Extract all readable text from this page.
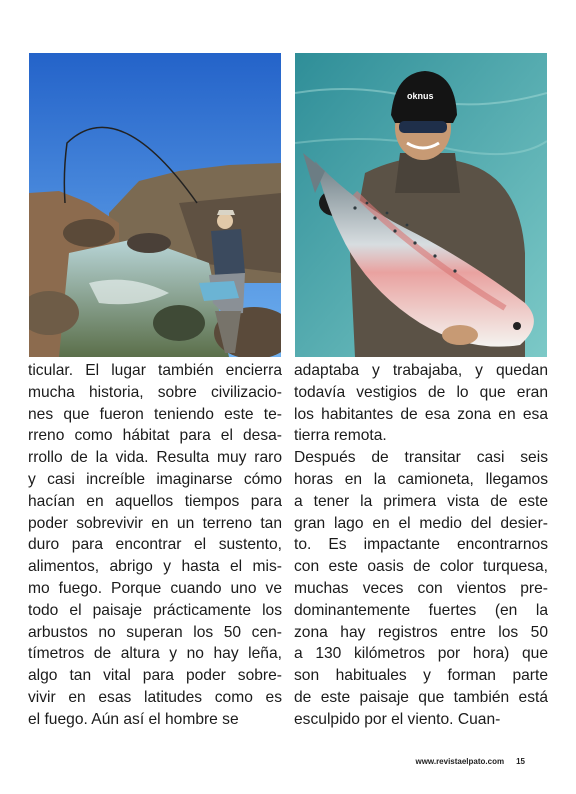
oknus
ticular. El lugar también encierra
mucha historia, sobre civilizacio-
nes que fueron teniendo este te-
rreno como hábitat para el desa-
rrollo de la vida. Resulta muy raro
y casi increíble imaginarse cómo
hacían en aquellos tiempos para
poder sobrevivir en un terreno tan
duro para encontrar el sustento,
alimentos, abrigo y hasta el mis-
mo fuego. Porque cuando uno ve
todo el paisaje prácticamente los
arbustos no superan los 50 cen-
tímetros de altura y no hay leña,
algo tan vital para poder sobre-
vivir en esas latitudes como es
el fuego. Aún así el hombre se
adaptaba y trabajaba, y quedan
todavía vestigios de lo que eran
los habitantes de esa zona en esa
tierra remota.
Después de transitar casi seis
horas en la camioneta, llegamos
a tener la primera vista de este
gran lago en el medio del desier-
to. Es impactante encontrarnos
con este oasis de color turquesa,
muchas veces con vientos pre-
dominantemente fuertes (en la
zona hay registros entre los 50
a 130 kilómetros por hora) que
son habituales y forman parte
de este paisaje que también está
esculpido por el viento. Cuan-
www.revistaelpato.com 15
